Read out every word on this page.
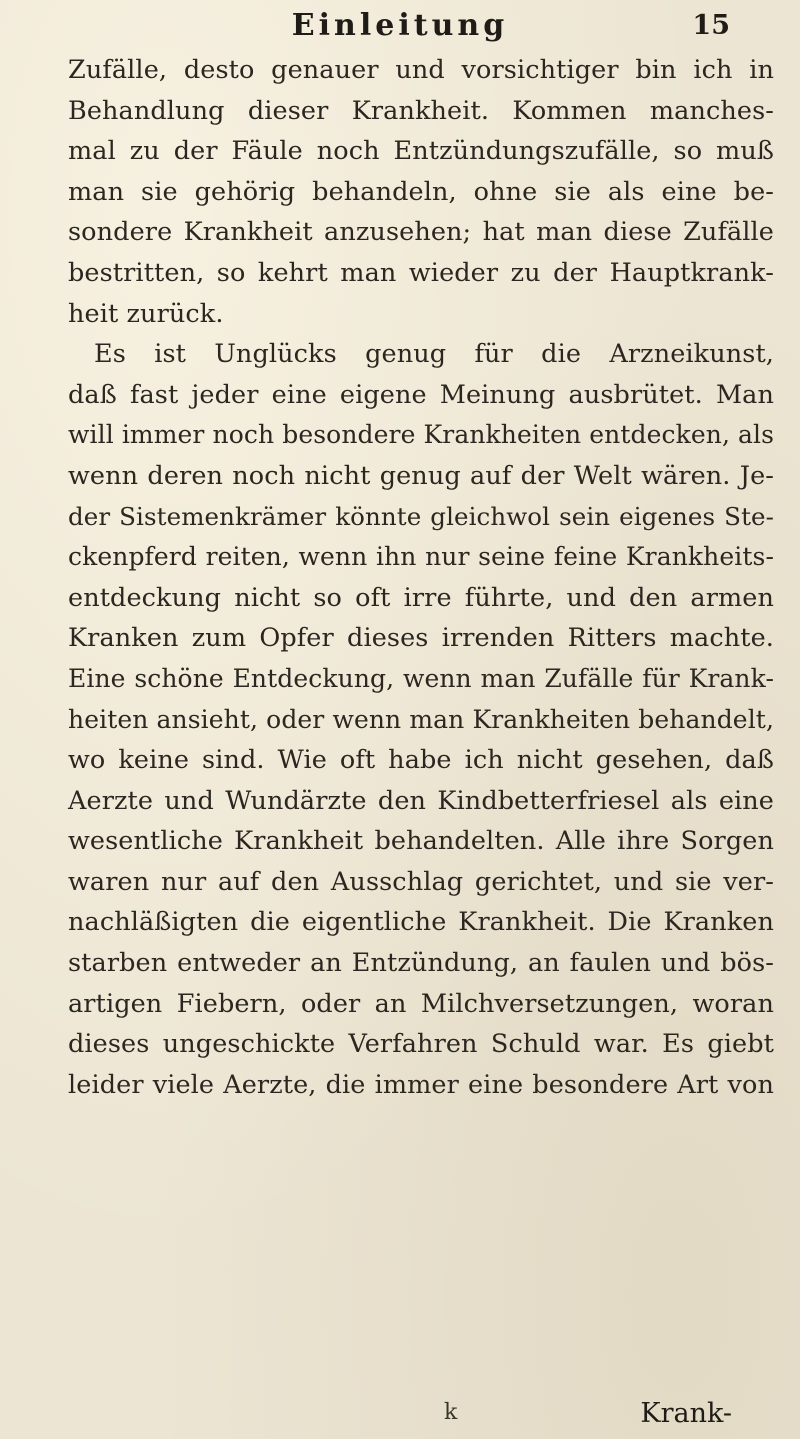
Einleitung	15
Zufälle, desto genauer und vorsichtiger bin ich in
Behandlung dieser Krankheit. Kommen manches-
mal zu der Fäule noch Entzündungszufälle, so muß
man sie gehörig behandeln, ohne sie als eine be-
sondere Krankheit anzusehen; hat man diese Zufälle
bestritten, so kehrt man wieder zu der Hauptkrank-
heit zurück.
Es ist Unglücks genug für die Arzneikunst,
daß fast jeder eine eigene Meinung ausbrütet. Man
will immer noch besondere Krankheiten entdecken, als
wenn deren noch nicht genug auf der Welt wären. Je-
der Sistemenkrämer könnte gleichwol sein eigenes Ste-
ckenpferd reiten, wenn ihn nur seine feine Krankheits-
entdeckung nicht so oft irre führte, und den armen
Kranken zum Opfer dieses irrenden Ritters machte.
Eine schöne Entdeckung, wenn man Zufälle für Krank-
heiten ansieht, oder wenn man Krankheiten behandelt,
wo keine sind. Wie oft habe ich nicht gesehen, daß
Aerzte und Wundärzte den Kindbetterfriesel als eine
wesentliche Krankheit behandelten. Alle ihre Sorgen
waren nur auf den Ausschlag gerichtet, und sie ver-
nachläßigten die eigentliche Krankheit. Die Kranken
starben entweder an Entzündung, an faulen und bös-
artigen Fiebern, oder an Milchversetzungen, woran
dieses ungeschickte Verfahren Schuld war. Es giebt
leider viele Aerzte, die immer eine besondere Art von
k	Krank-
